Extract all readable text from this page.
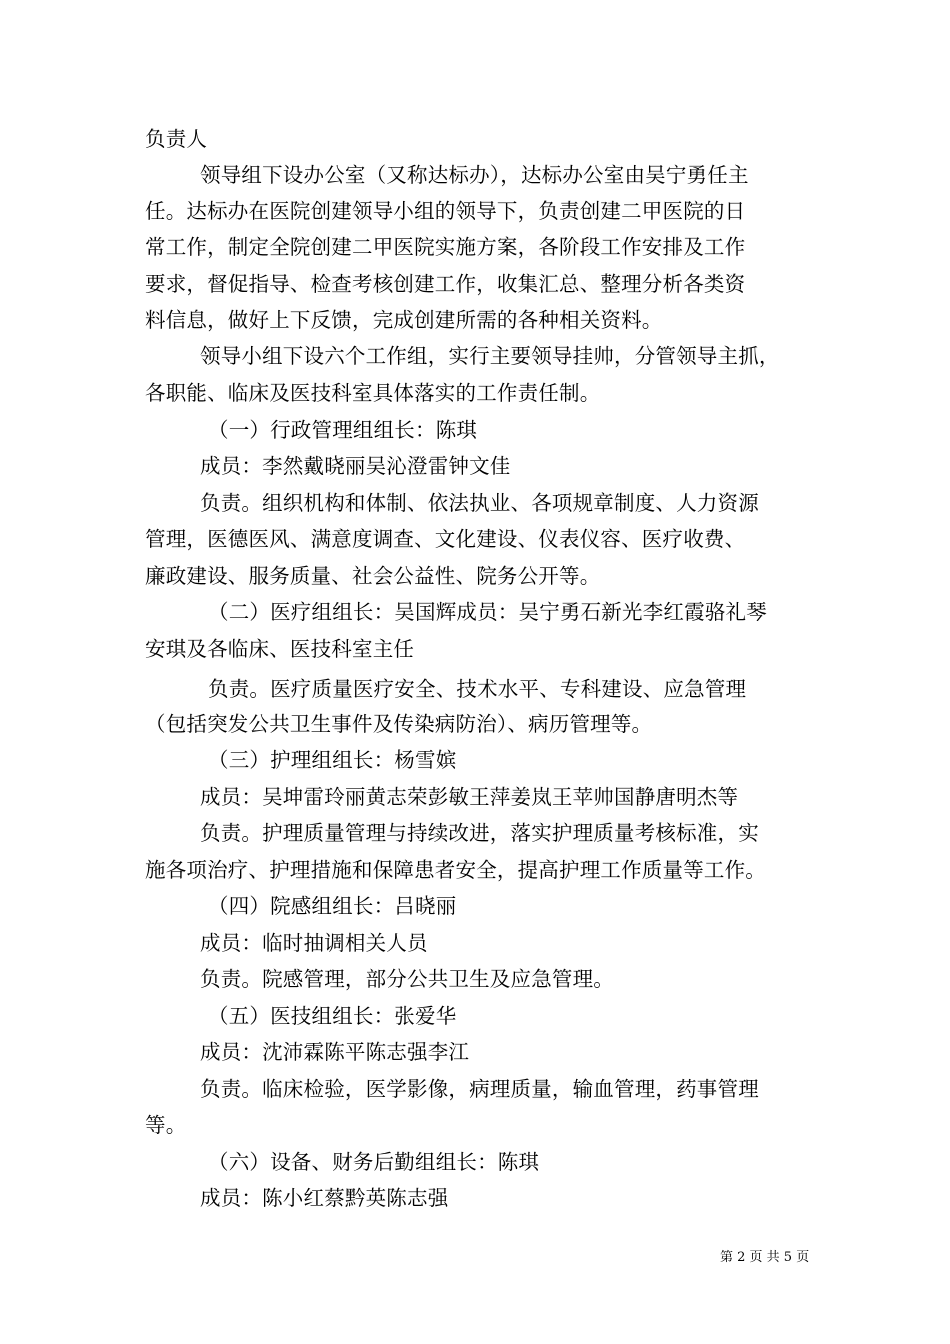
负责人
领导组下设办公室（又称达标办），达标办公室由吴宁勇任主
任。达标办在医院创建领导小组的领导下，负责创建二甲医院的日
常工作，制定全院创建二甲医院实施方案，各阶段工作安排及工作
要求，督促指导、检查考核创建工作，收集汇总、整理分析各类资
料信息，做好上下反馈，完成创建所需的各种相关资料。
领导小组下设六个工作组，实行主要领导挂帅，分管领导主抓，
各职能、临床及医技科室具体落实的工作责任制。
（一）行政管理组组长：陈琪
成员：李然戴晓丽吴沁澄雷钟文佳
负责。组织机构和体制、依法执业、各项规章制度、人力资源
管理，医德医风、满意度调查、文化建设、仪表仪容、医疗收费、
廉政建设、服务质量、社会公益性、院务公开等。
（二）医疗组组长：吴国辉成员：吴宁勇石新光李红霞骆礼琴
安琪及各临床、医技科室主任
负责。医疗质量医疗安全、技术水平、专科建设、应急管理
（包括突发公共卫生事件及传染病防治）、病历管理等。
（三）护理组组长：杨雪嫔
成员：吴坤雷玲丽黄志荣彭敏王萍姜岚王苹帅国静唐明杰等
负责。护理质量管理与持续改进，落实护理质量考核标准，实
施各项治疗、护理措施和保障患者安全，提高护理工作质量等工作。
（四）院感组组长：吕晓丽
成员：临时抽调相关人员
负责。院感管理，部分公共卫生及应急管理。
（五）医技组组长：张爱华
成员：沈沛霖陈平陈志强李江
负责。临床检验，医学影像，病理质量，输血管理，药事管理
等。
（六）设备、财务后勤组组长：陈琪
成员：陈小红蔡黔英陈志强
第 2 页 共 5 页
